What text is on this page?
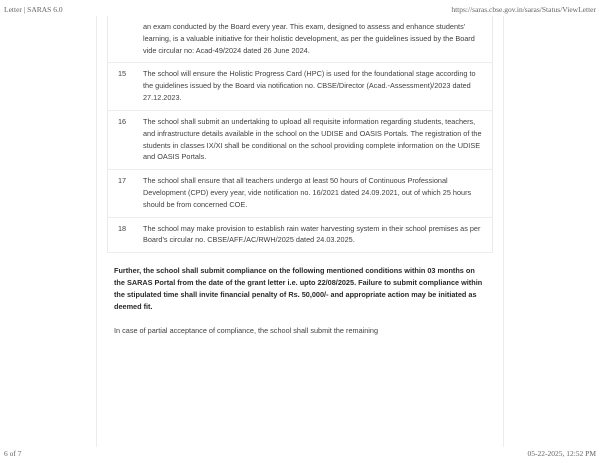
Letter | SARAS 6.0	https://saras.cbse.gov.in/saras/Status/ViewLetter
	an exam conducted by the Board every year. This exam, designed to assess and enhance students' learning, is a valuable initiative for their holistic development, as per the guidelines issued by the Board vide circular no: Acad-49/2024 dated 26 June 2024.
15	The school will ensure the Holistic Progress Card (HPC) is used for the foundational stage according to the guidelines issued by the Board via notification no. CBSE/Director (Acad.-Assessment)/2023 dated 27.12.2023.
16	The school shall submit an undertaking to upload all requisite information regarding students, teachers, and infrastructure details available in the school on the UDISE and OASIS Portals. The registration of the students in classes IX/XI shall be conditional on the school providing complete information on the UDISE and OASIS Portals.
17	The school shall ensure that all teachers undergo at least 50 hours of Continuous Professional Development (CPD) every year, vide notification no. 16/2021 dated 24.09.2021, out of which 25 hours should be from concerned COE.
18	The school may make provision to establish rain water harvesting system in their school premises as per Board's circular no. CBSE/AFF./AC/RWH/2025 dated 24.03.2025.

Further, the school shall submit compliance on the following mentioned conditions within 03 months on the SARAS Portal from the date of the grant letter i.e. upto 22/08/2025. Failure to submit compliance within the stipulated time shall invite financial penalty of Rs. 50,000/- and appropriate action may be initiated as deemed fit.

In case of partial acceptance of compliance, the school shall submit the remaining

6 of 7	05-22-2025, 12:52 PM
